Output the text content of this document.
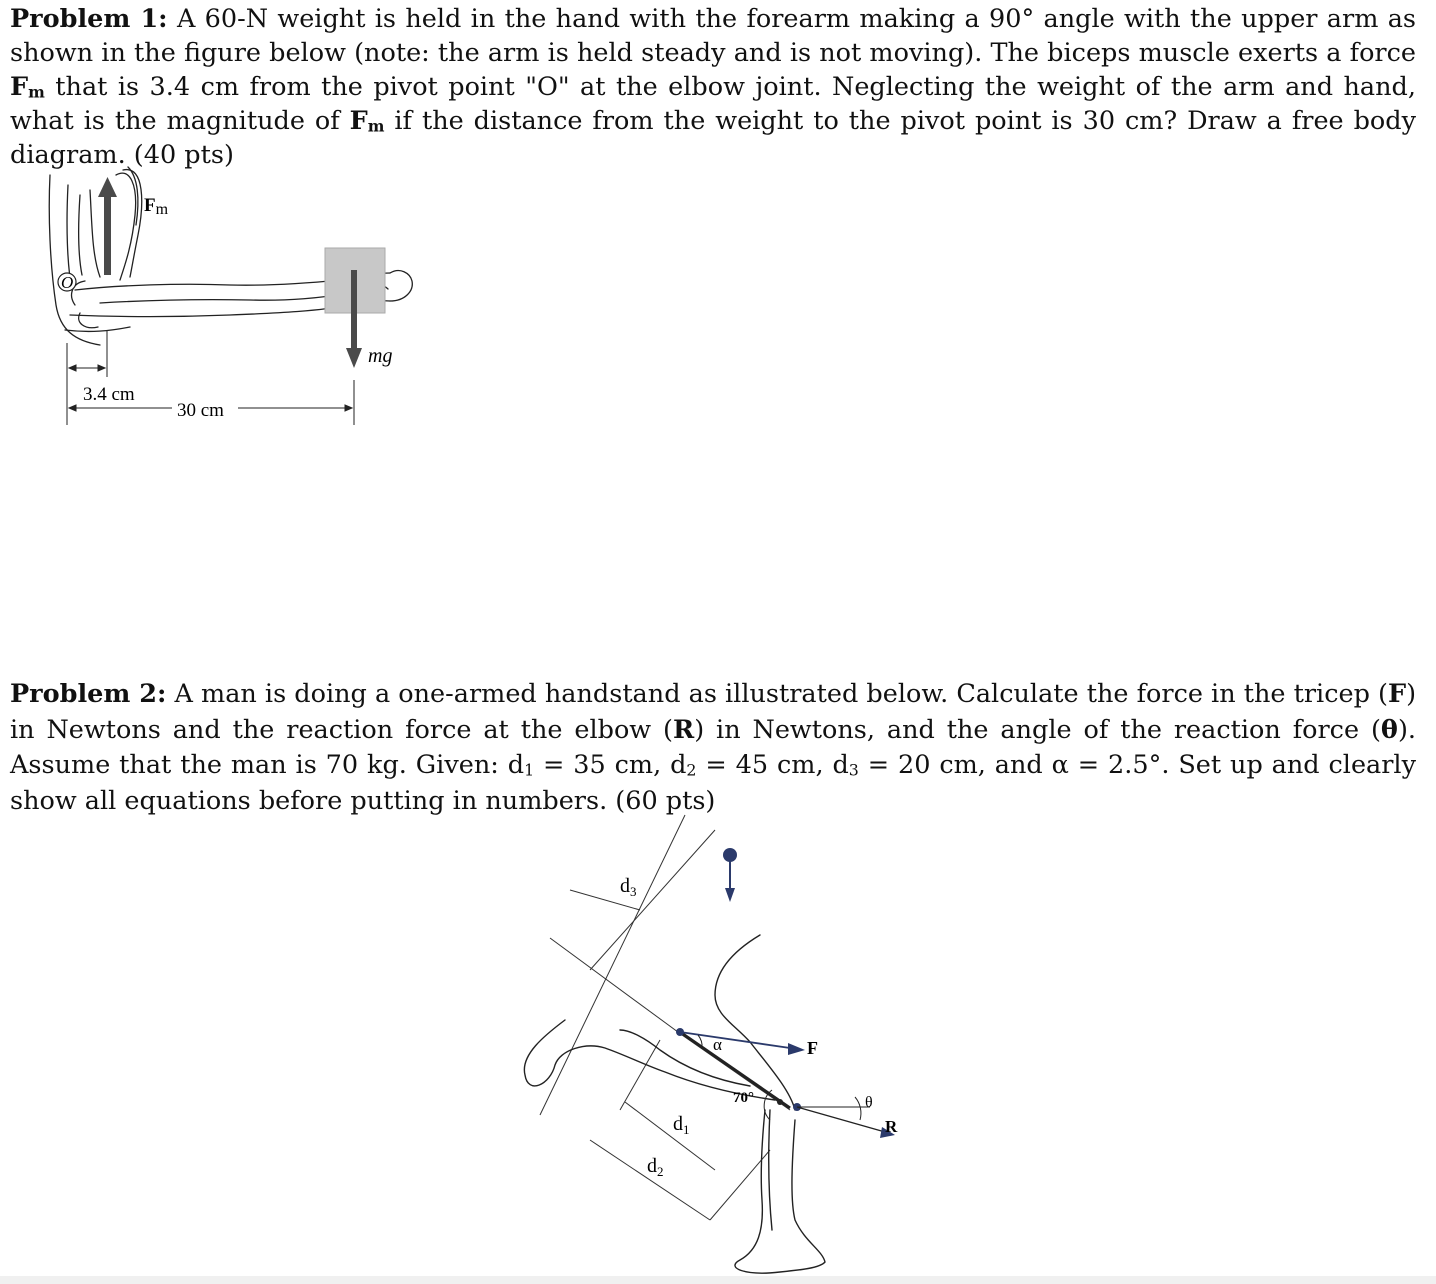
Problem 1: A 60-N weight is held in the hand with the forearm making a 90° angle with the upper arm as shown in the figure below (note: the arm is held steady and is not moving). The biceps muscle exerts a force $F_m$ that is 3.4 cm from the pivot point "O" at the elbow joint. Neglecting the weight of the arm and hand, what is the magnitude of $F_m$ if the distance from the weight to the pivot point is 30 cm? Draw a free body diagram. (40 pts)
O
Fm
mg
3.4 cm
30 cm
Problem 2: A man is doing a one-armed handstand as illustrated below. Calculate the force in the tricep (F) in Newtons and the reaction force at the elbow (R) in Newtons, and the angle of the reaction force (θ). Assume that the man is 70 kg. Given: $d_1 = 35$ cm, $d_2 = 45$ cm, $d_3 = 20$ cm, and α = 2.5°. Set up and clearly show all equations before putting in numbers. (60 pts)
$d_3$
α	F
70°	θ
R
$d_1$
$d_2$
